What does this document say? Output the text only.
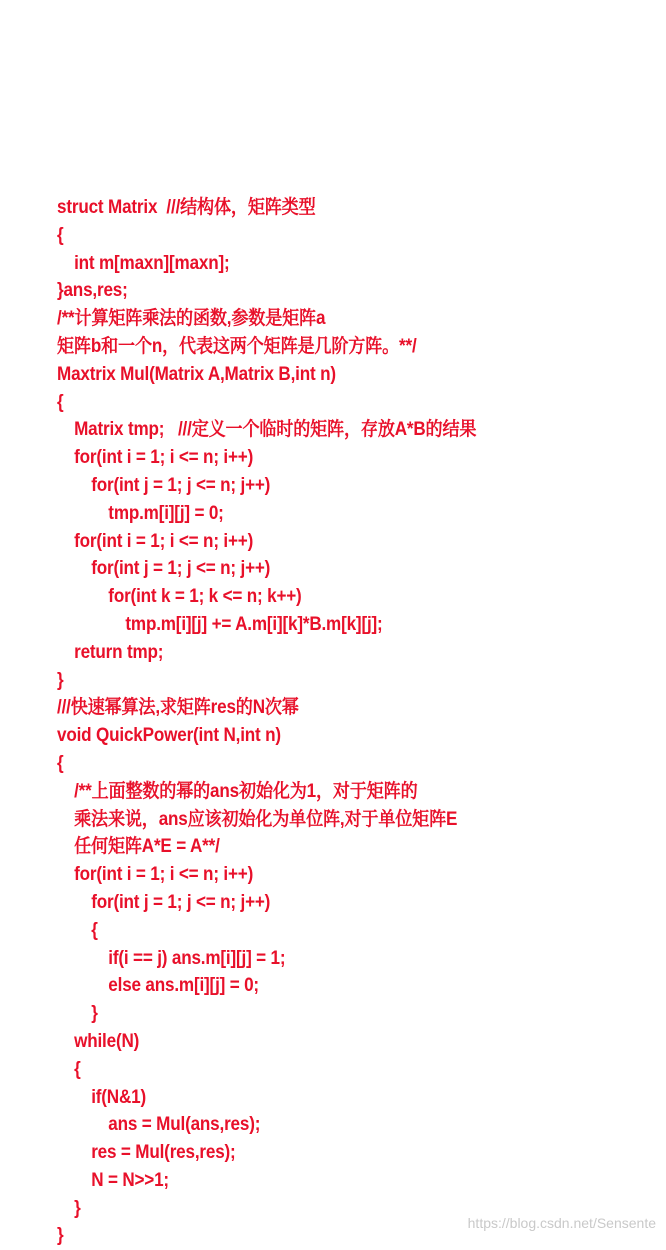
struct Matrix  ///结构体，矩阵类型
{
int m[maxn][maxn];
}ans,res;
/**计算矩阵乘法的函数,参数是矩阵a
矩阵b和一个n，代表这两个矩阵是几阶方阵。**/
Maxtrix Mul(Matrix A,Matrix B,int n)
{
Matrix tmp;   ///定义一个临时的矩阵，存放A*B的结果
for(int i = 1; i <= n; i++)
for(int j = 1; j <= n; j++)
tmp.m[i][j] = 0;
for(int i = 1; i <= n; i++)
for(int j = 1; j <= n; j++)
for(int k = 1; k <= n; k++)
tmp.m[i][j] += A.m[i][k]*B.m[k][j];
return tmp;
}
///快速幂算法,求矩阵res的N次幂
void QuickPower(int N,int n)
{
/**上面整数的幂的ans初始化为1，对于矩阵的
乘法来说，ans应该初始化为单位阵,对于单位矩阵E
任何矩阵A*E = A**/
for(int i = 1; i <= n; i++)
for(int j = 1; j <= n; j++)
{
if(i == j) ans.m[i][j] = 1;
else ans.m[i][j] = 0;
}
while(N)
{
if(N&1)
ans = Mul(ans,res);
res = Mul(res,res);
N = N>>1;
}
}
https://blog.csdn.net/Sensente
